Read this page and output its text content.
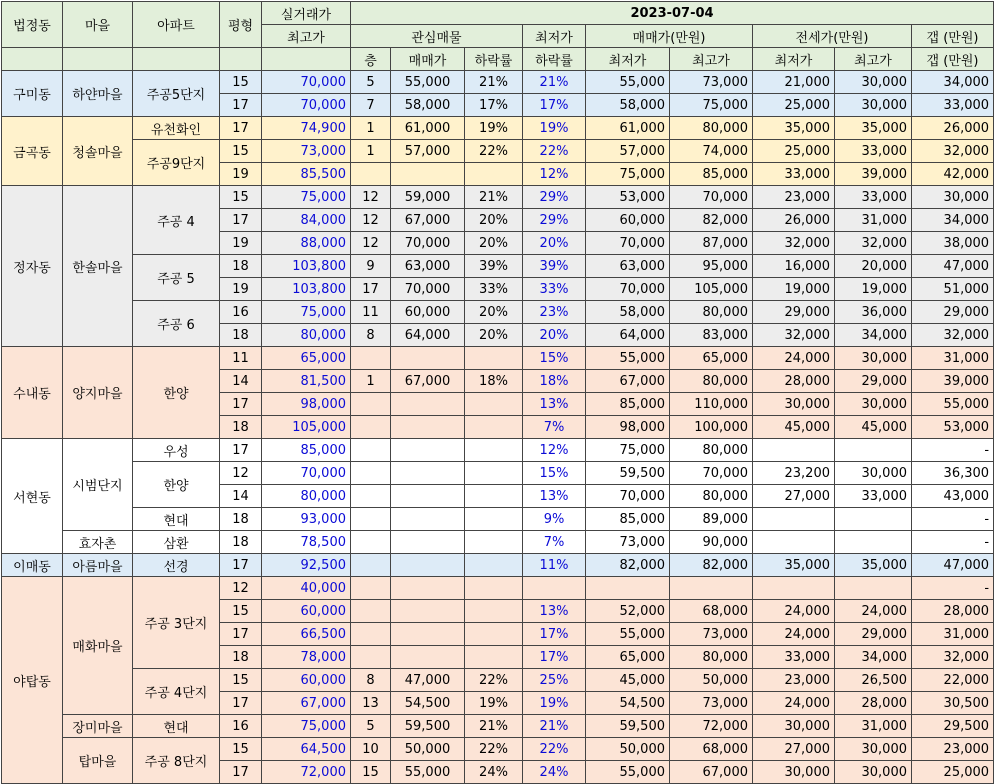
법정동	마을	아파트	평형	실거래가	2023-07-04								
				최고가	관심매물			최저가	매매가(만원)		전세가(만원)		갭 (만원)
					층	매매가	하락률	하락률	최저가	최고가	최저가	최고가	갭 (만원)
구미동	하얀마을	주공5단지	15	70,000	5	55,000	21%	21%	55,000	73,000	21,000	30,000	34,000
			17	70,000	7	58,000	17%	17%	58,000	75,000	25,000	30,000	33,000
금곡동	청솔마을	유천화인	17	74,900	1	61,000	19%	19%	61,000	80,000	35,000	35,000	26,000
		주공9단지	15	73,000	1	57,000	22%	22%	57,000	74,000	25,000	33,000	32,000
			19	85,500				12%	75,000	85,000	33,000	39,000	42,000
정자동	한솔마을	주공 4	15	75,000	12	59,000	21%	29%	53,000	70,000	23,000	33,000	30,000
			17	84,000	12	67,000	20%	29%	60,000	82,000	26,000	31,000	34,000
			19	88,000	12	70,000	20%	20%	70,000	87,000	32,000	32,000	38,000
		주공 5	18	103,800	9	63,000	39%	39%	63,000	95,000	16,000	20,000	47,000
			19	103,800	17	70,000	33%	33%	70,000	105,000	19,000	19,000	51,000
		주공 6	16	75,000	11	60,000	20%	23%	58,000	80,000	29,000	36,000	29,000
			18	80,000	8	64,000	20%	20%	64,000	83,000	32,000	34,000	32,000
수내동	양지마을	한양	11	65,000				15%	55,000	65,000	24,000	30,000	31,000
			14	81,500	1	67,000	18%	18%	67,000	80,000	28,000	29,000	39,000
			17	98,000				13%	85,000	110,000	30,000	30,000	55,000
			18	105,000				7%	98,000	100,000	45,000	45,000	53,000
서현동	시범단지	우성	17	85,000				12%	75,000	80,000			-
		한양	12	70,000				15%	59,500	70,000	23,200	30,000	36,300
			14	80,000				13%	70,000	80,000	27,000	33,000	43,000
		현대	18	93,000				9%	85,000	89,000			-
	효자촌	삼환	18	78,500				7%	73,000	90,000			-
이매동	아름마을	선경	17	92,500				11%	82,000	82,000	35,000	35,000	47,000
야탑동	매화마을	주공 3단지	12	40,000									-
			15	60,000				13%	52,000	68,000	24,000	24,000	28,000
			17	66,500				17%	55,000	73,000	24,000	29,000	31,000
			18	78,000				17%	65,000	80,000	33,000	34,000	32,000
		주공 4단지	15	60,000	8	47,000	22%	25%	45,000	50,000	23,000	26,500	22,000
			17	67,000	13	54,500	19%	19%	54,500	73,000	24,000	28,000	30,500
	장미마을	현대	16	75,000	5	59,500	21%	21%	59,500	72,000	30,000	31,000	29,500
	탑마을	주공 8단지	15	64,500	10	50,000	22%	22%	50,000	68,000	27,000	30,000	23,000
			17	72,000	15	55,000	24%	24%	55,000	67,000	30,000	30,000	25,000
